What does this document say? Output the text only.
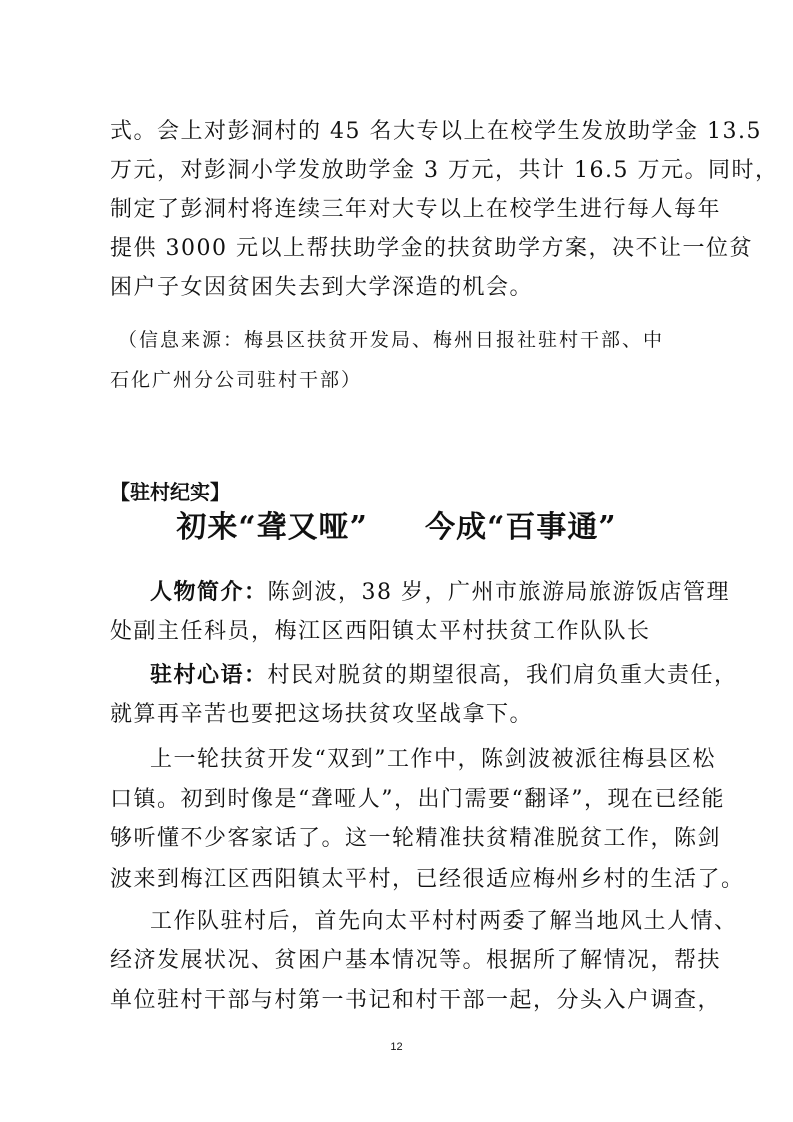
式。会上对彭洞村的 45 名大专以上在校学生发放助学金 13.5
万元，对彭洞小学发放助学金 3 万元，共计 16.5 万元。同时，
制定了彭洞村将连续三年对大专以上在校学生进行每人每年
提供 3000 元以上帮扶助学金的扶贫助学方案，决不让一位贫
困户子女因贫困失去到大学深造的机会。
（信息来源：梅县区扶贫开发局、梅州日报社驻村干部、中
石化广州分公司驻村干部）
【驻村纪实】
初来“聋又哑”     今成“百事通”
人物简介：陈剑波，38 岁，广州市旅游局旅游饭店管理
处副主任科员，梅江区西阳镇太平村扶贫工作队队长
驻村心语：村民对脱贫的期望很高，我们肩负重大责任，
就算再辛苦也要把这场扶贫攻坚战拿下。
上一轮扶贫开发“双到”工作中，陈剑波被派往梅县区松
口镇。初到时像是“聋哑人”，出门需要“翻译”，现在已经能
够听懂不少客家话了。这一轮精准扶贫精准脱贫工作，陈剑
波来到梅江区西阳镇太平村，已经很适应梅州乡村的生活了。
工作队驻村后，首先向太平村村两委了解当地风土人情、
经济发展状况、贫困户基本情况等。根据所了解情况，帮扶
单位驻村干部与村第一书记和村干部一起，分头入户调查，
12
